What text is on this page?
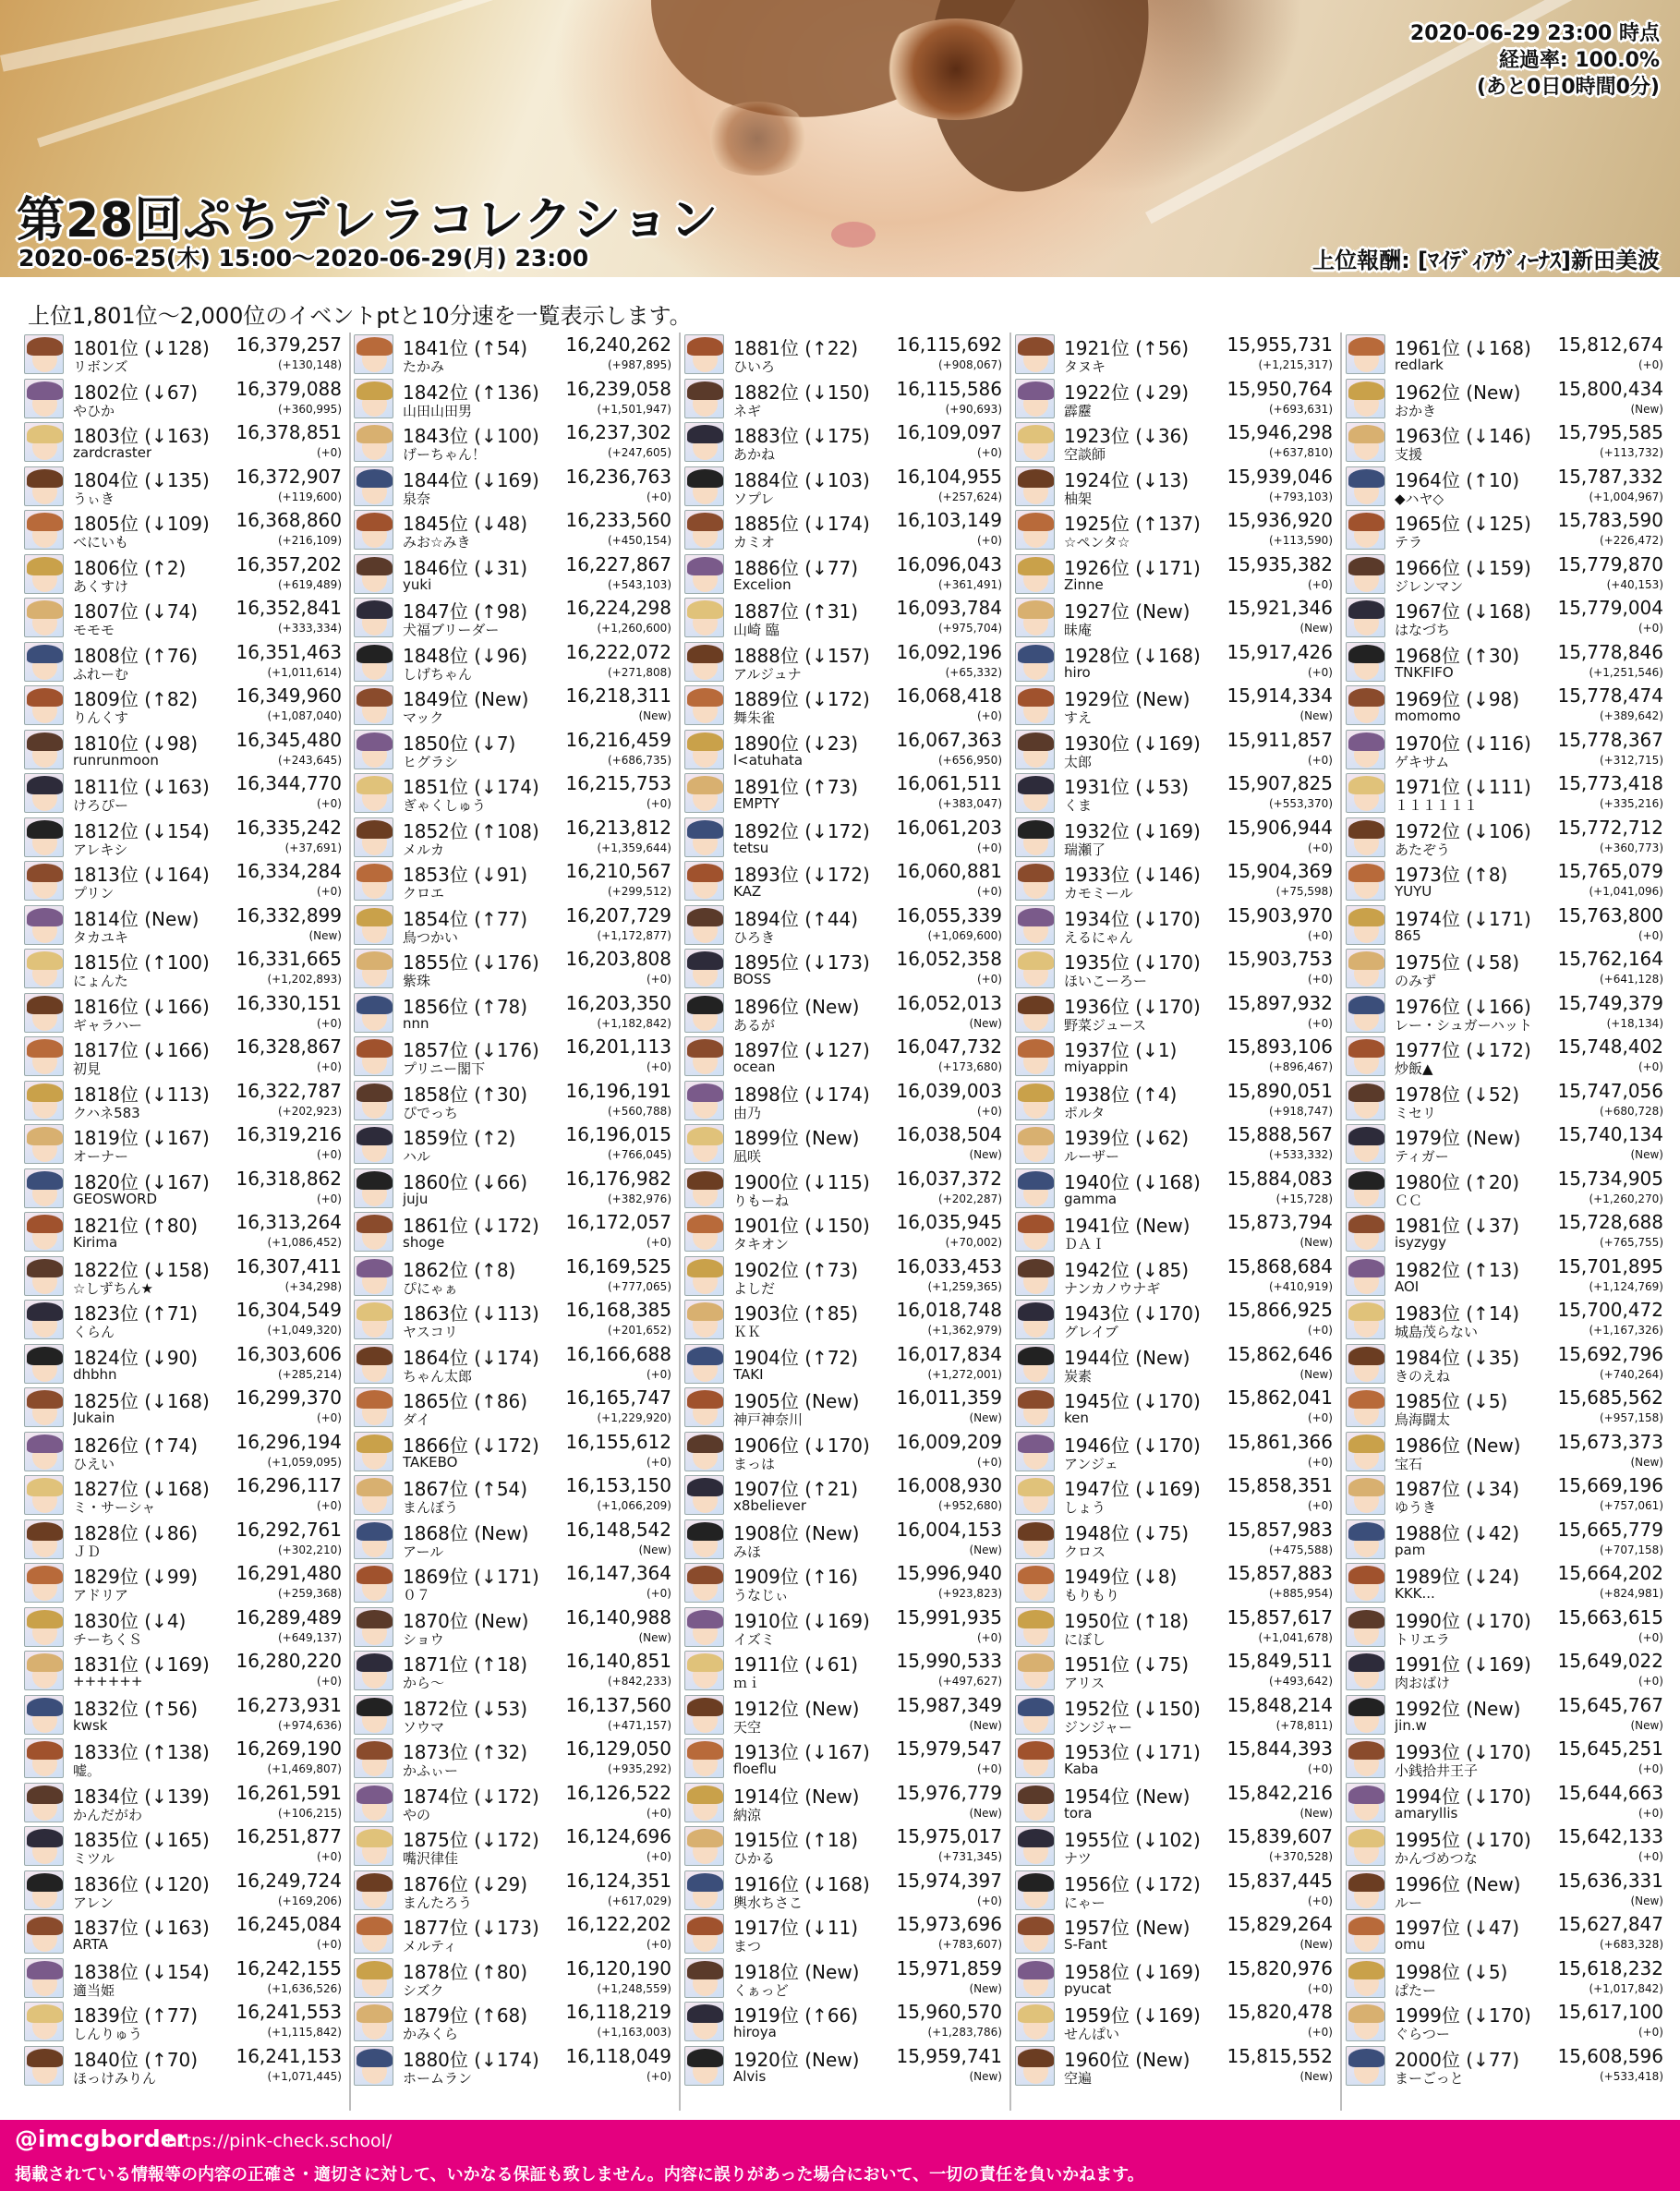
第28回ぷちデレラコレクション
2020-06-25(木) 15:00～2020-06-29(月) 23:00	上位報酬: [ﾏｲﾃﾞｨｱｳﾞｨｰﾅｽ]新田美波
2020-06-29 23:00 時点
経過率: 100.0%
(あと0日0時間0分)
上位1,801位～2,000位のイベントptと10分速を一覧表示します。
1801位 (↓128) 16,379,257
リボンズ	(+130,148)
1802位 (↓67) 16,379,088
やひか	(+360,995)
1803位 (↓163) 16,378,851
zardcraster	(+0)
1804位 (↓135) 16,372,907
うぃき	(+119,600)
1805位 (↓109) 16,368,860
べにいも	(+216,109)
1806位 (↑2)	16,357,202
あくすけ	(+619,489)
1807位 (↓74) 16,352,841
モモモ	(+333,334)
1808位 (↑76) 16,351,463
ふれーむ	(+1,011,614)
1809位 (↑82) 16,349,960
りんくす	(+1,087,040)
1810位 (↓98) 16,345,480
runrunmoon	(+243,645)
1811位 (↓163) 16,344,770
けろぴー	(+0)
1812位 (↓154) 16,335,242
アレキシ	(+37,691)
1813位 (↓164) 16,334,284
プリン	(+0)
1814位 (New) 16,332,899
タカユキ	(New)
1815位 (↑100) 16,331,665
にょんた	(+1,202,893)
1816位 (↓166) 16,330,151
ギャラハー	(+0)
1817位 (↓166) 16,328,867
初見	(+0)
1818位 (↓113) 16,322,787
クハネ583	(+202,923)
1819位 (↓167) 16,319,216
オーナー	(+0)
1820位 (↓167) 16,318,862
GEOSWORD	(+0)
1821位 (↑80) 16,313,264
Kirima	(+1,086,452)
1822位 (↓158) 16,307,411
☆しずちん★	(+34,298)
1823位 (↑71) 16,304,549
くらん	(+1,049,320)
1824位 (↓90) 16,303,606
dhbhn	(+285,214)
1825位 (↓168) 16,299,370
Jukain	(+0)
1826位 (↑74) 16,296,194
ひえい	(+1,059,095)
1827位 (↓168) 16,296,117
ミ・サーシャ	(+0)
1828位 (↓86) 16,292,761
ＪＤ	(+302,210)
1829位 (↓99) 16,291,480
アドリア	(+259,368)
1830位 (↓4)	16,289,489
チーちくＳ	(+649,137)
1831位 (↓169) 16,280,220
++++++	(+0)
1832位 (↑56) 16,273,931
kwsk	(+974,636)
1833位 (↑138) 16,269,190
嘘。	(+1,469,807)
1834位 (↓139) 16,261,591
かんだがわ	(+106,215)
1835位 (↓165) 16,251,877
ミツル	(+0)
1836位 (↓120) 16,249,724
アレン	(+169,206)
1837位 (↓163) 16,245,084
ARTA	(+0)
1838位 (↓154) 16,242,155
適当姫	(+1,636,526)
1839位 (↑77) 16,241,553
しんりゅう	(+1,115,842)
1840位 (↑70) 16,241,153
ほっけみりん	(+1,071,445)
1841位 (↑54) 16,240,262
たかみ	(+987,895)
1842位 (↑136) 16,239,058
山田山田男	(+1,501,947)
1843位 (↓100) 16,237,302
げーちゃん！	(+247,605)
1844位 (↓169) 16,236,763
泉奈	(+0)
1845位 (↓48) 16,233,560
みお☆みき	(+450,154)
1846位 (↓31) 16,227,867
yuki	(+543,103)
1847位 (↑98) 16,224,298
犬福ブリーダー	(+1,260,600)
1848位 (↓96) 16,222,072
しげちゃん	(+271,808)
1849位 (New) 16,218,311
マック	(New)
1850位 (↓7)	16,216,459
ヒグラシ	(+686,735)
1851位 (↓174) 16,215,753
ぎゃくしゅう	(+0)
1852位 (↑108) 16,213,812
メルカ	(+1,359,644)
1853位 (↓91) 16,210,567
クロエ	(+299,512)
1854位 (↑77) 16,207,729
鳥つかい	(+1,172,877)
1855位 (↓176) 16,203,808
紫珠	(+0)
1856位 (↑78) 16,203,350
nnn	(+1,182,842)
1857位 (↓176) 16,201,113
プリニー閣下	(+0)
1858位 (↑30) 16,196,191
ぴでっち	(+560,788)
1859位 (↑2)	16,196,015
ハル	(+766,045)
1860位 (↓66) 16,176,982
juju	(+382,976)
1861位 (↓172) 16,172,057
shoge	(+0)
1862位 (↑8)	16,169,525
ぴにゃぁ	(+777,065)
1863位 (↓113) 16,168,385
ヤスコリ	(+201,652)
1864位 (↓174) 16,166,688
ちゃん太郎	(+0)
1865位 (↑86) 16,165,747
ダイ	(+1,229,920)
1866位 (↓172) 16,155,612
TAKEBO	(+0)
1867位 (↑54) 16,153,150
まんぼう	(+1,066,209)
1868位 (New) 16,148,542
アール	(New)
1869位 (↓171) 16,147,364
０７	(+0)
1870位 (New) 16,140,988
ショウ	(New)
1871位 (↑18) 16,140,851
から～	(+842,233)
1872位 (↓53) 16,137,560
ソウマ	(+471,157)
1873位 (↑32) 16,129,050
かふぃー	(+935,292)
1874位 (↓172) 16,126,522
やの	(+0)
1875位 (↓172) 16,124,696
嘴沢律佳	(+0)
1876位 (↓29) 16,124,351
まんたろう	(+617,029)
1877位 (↓173) 16,122,202
メルティ	(+0)
1878位 (↑80) 16,120,190
シズク	(+1,248,559)
1879位 (↑68) 16,118,219
かみくら	(+1,163,003)
1880位 (↓174) 16,118,049
ホームラン	(+0)
1881位 (↑22) 16,115,692
ひいろ	(+908,067)
1882位 (↓150) 16,115,586
ネギ	(+90,693)
1883位 (↓175) 16,109,097
あかね	(+0)
1884位 (↓103) 16,104,955
ソプレ	(+257,624)
1885位 (↓174) 16,103,149
カミオ	(+0)
1886位 (↓77) 16,096,043
Excelion	(+361,491)
1887位 (↑31) 16,093,784
山崎 臨	(+975,704)
1888位 (↓157) 16,092,196
アルジュナ	(+65,332)
1889位 (↓172) 16,068,418
舞朱雀	(+0)
1890位 (↓23) 16,067,363
l<atuhata	(+656,950)
1891位 (↑73) 16,061,511
EMPTY	(+383,047)
1892位 (↓172) 16,061,203
tetsu	(+0)
1893位 (↓172) 16,060,881
KAZ	(+0)
1894位 (↑44) 16,055,339
ひろき	(+1,069,600)
1895位 (↓173) 16,052,358
BOSS	(+0)
1896位 (New) 16,052,013
あるが	(New)
1897位 (↓127) 16,047,732
ocean	(+173,680)
1898位 (↓174) 16,039,003
由乃	(+0)
1899位 (New) 16,038,504
凪咲	(New)
1900位 (↓115) 16,037,372
りもーね	(+202,287)
1901位 (↓150) 16,035,945
タキオン	(+70,002)
1902位 (↑73) 16,033,453
よしだ	(+1,259,365)
1903位 (↑85) 16,018,748
ＫＫ	(+1,362,979)
1904位 (↑72) 16,017,834
TAKI	(+1,272,001)
1905位 (New) 16,011,359
神戸神奈川	(New)
1906位 (↓170) 16,009,209
まっは	(+0)
1907位 (↑21) 16,008,930
x8believer	(+952,680)
1908位 (New) 16,004,153
みほ	(New)
1909位 (↑16) 15,996,940
うなじぃ	(+923,823)
1910位 (↓169) 15,991,935
イズミ	(+0)
1911位 (↓61) 15,990,533
ｍｉ	(+497,627)
1912位 (New) 15,987,349
天空	(New)
1913位 (↓167) 15,979,547
floeflu	(+0)
1914位 (New) 15,976,779
納涼	(New)
1915位 (↑18) 15,975,017
ひかる	(+731,345)
1916位 (↓168) 15,974,397
輿水ちさこ	(+0)
1917位 (↓11) 15,973,696
まつ	(+783,607)
1918位 (New) 15,971,859
くぁっど	(New)
1919位 (↑66) 15,960,570
hiroya	(+1,283,786)
1920位 (New) 15,959,741
Alvis	(New)
1921位 (↑56) 15,955,731
タヌキ	(+1,215,317)
1922位 (↓29) 15,950,764
霹靂	(+693,631)
1923位 (↓36) 15,946,298
空談師	(+637,810)
1924位 (↓13) 15,939,046
柚架	(+793,103)
1925位 (↑137) 15,936,920
☆ペンタ☆	(+113,590)
1926位 (↓171) 15,935,382
Zinne	(+0)
1927位 (New) 15,921,346
昧庵	(New)
1928位 (↓168) 15,917,426
hiro	(+0)
1929位 (New) 15,914,334
すえ	(New)
1930位 (↓169) 15,911,857
太郎	(+0)
1931位 (↓53) 15,907,825
くま	(+553,370)
1932位 (↓169) 15,906,944
瑞瀬了	(+0)
1933位 (↓146) 15,904,369
カモミール	(+75,598)
1934位 (↓170) 15,903,970
えるにゃん	(+0)
1935位 (↓170) 15,903,753
ほいこーろー	(+0)
1936位 (↓170) 15,897,932
野菜ジュース	(+0)
1937位 (↓1)	15,893,106
miyappin	(+896,467)
1938位 (↑4)	15,890,051
ポルタ	(+918,747)
1939位 (↓62) 15,888,567
ルーザー	(+533,332)
1940位 (↓168) 15,884,083
gamma	(+15,728)
1941位 (New) 15,873,794
ＤＡＩ	(New)
1942位 (↓85) 15,868,684
ナンカノウナギ	(+410,919)
1943位 (↓170) 15,866,925
グレイブ	(+0)
1944位 (New) 15,862,646
炭素	(New)
1945位 (↓170) 15,862,041
ken	(+0)
1946位 (↓170) 15,861,366
アンジェ	(+0)
1947位 (↓169) 15,858,351
しょう	(+0)
1948位 (↓75) 15,857,983
クロス	(+475,588)
1949位 (↓8)	15,857,883
もりもり	(+885,954)
1950位 (↑18) 15,857,617
にぼし	(+1,041,678)
1951位 (↓75) 15,849,511
アリス	(+493,642)
1952位 (↓150) 15,848,214
ジンジャー	(+78,811)
1953位 (↓171) 15,844,393
Kaba	(+0)
1954位 (New) 15,842,216
tora	(New)
1955位 (↓102) 15,839,607
ナツ	(+370,528)
1956位 (↓172) 15,837,445
にゃー	(+0)
1957位 (New) 15,829,264
S-Fant	(New)
1958位 (↓169) 15,820,976
pyucat	(+0)
1959位 (↓169) 15,820,478
せんぱい	(+0)
1960位 (New) 15,815,552
空遍	(New)
1961位 (↓168) 15,812,674
redlark	(+0)
1962位 (New) 15,800,434
おかき	(New)
1963位 (↓146) 15,795,585
支援	(+113,732)
1964位 (↑10) 15,787,332
◆ハヤ◇	(+1,004,967)
1965位 (↓125) 15,783,590
テラ	(+226,472)
1966位 (↓159) 15,779,870
ジレンマン	(+40,153)
1967位 (↓168) 15,779,004
はなづち	(+0)
1968位 (↑30) 15,778,846
TNKFIFO	(+1,251,546)
1969位 (↓98) 15,778,474
momomo	(+389,642)
1970位 (↓116) 15,778,367
ゲキサム	(+312,715)
1971位 (↓111) 15,773,418
１１１１１１	(+335,216)
1972位 (↓106) 15,772,712
あたぞう	(+360,773)
1973位 (↑8)	15,765,079
YUYU	(+1,041,096)
1974位 (↓171) 15,763,800
865	(+0)
1975位 (↓58) 15,762,164
のみず	(+641,128)
1976位 (↓166) 15,749,379
レー・シュガーハット	(+18,134)
1977位 (↓172) 15,748,402
炒飯▲	(+0)
1978位 (↓52) 15,747,056
ミセリ	(+680,728)
1979位 (New) 15,740,134
ティガー	(New)
1980位 (↑20) 15,734,905
ＣＣ	(+1,260,270)
1981位 (↓37) 15,728,688
isyzygy	(+765,755)
1982位 (↑13) 15,701,895
AOI	(+1,124,769)
1983位 (↑14) 15,700,472
城島茂らない	(+1,167,326)
1984位 (↓35) 15,692,796
きのえね	(+740,264)
1985位 (↓5)	15,685,562
鳥海闘太	(+957,158)
1986位 (New) 15,673,373
宝石	(New)
1987位 (↓34) 15,669,196
ゆうき	(+757,061)
1988位 (↓42) 15,665,779
pam	(+707,158)
1989位 (↓24) 15,664,202
KKK...	(+824,981)
1990位 (↓170) 15,663,615
トリエラ	(+0)
1991位 (↓169) 15,649,022
肉おばけ	(+0)
1992位 (New) 15,645,767
jin.w	(New)
1993位 (↓170) 15,645,251
小銭拾井王子	(+0)
1994位 (↓170) 15,644,663
amaryllis	(+0)
1995位 (↓170) 15,642,133
かんづめつな	(+0)
1996位 (New) 15,636,331
ルー	(New)
1997位 (↓47) 15,627,847
omu	(+683,328)
1998位 (↓5)	15,618,232
ぱたー	(+1,017,842)
1999位 (↓170) 15,617,100
ぐらつー	(+0)
2000位 (↓77) 15,608,596
まーごっと	(+533,418)
@imcgborder
https://pink-check.school/
掲載されている情報等の内容の正確さ・適切さに対して、いかなる保証も致しません。内容に誤りがあった場合において、一切の責任を負いかねます。
